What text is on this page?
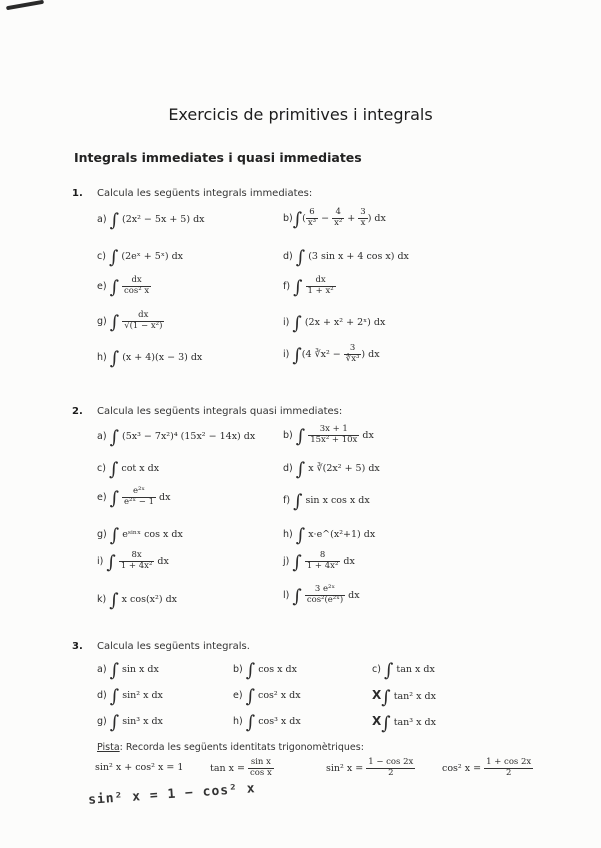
Exercicis de primitives i integrals
Integrals immediates i quasi immediates
1. Calcula les següents integrals immediates:
a) ∫ (2x² − 5x + 5) dx	$b)\int( \frac{6}{\text{x³}} - \frac{4}{\text{x²}} + \frac{3}{x}$ ) dx
c) ∫ (2eˣ + 5ˣ) dx	d) ∫ (3 sin x + 4 cos x) dx
e) ∫ $\frac{dx}{\text{cos² x}}$	f) ∫ $\frac{dx}{\text{1 + x²}}$
g) ∫ $\frac{dx}{\text{√(1 − x²)}}$	i) ∫ (2x + x² + 2ˣ) dx
h) ∫ (x + 4)(x − 3) dx	i) ∫(4 ∛x² − $\frac{3}{\text{∜x³}}$ ) dx
2. Calcula les següents integrals quasi immediates:
a) ∫ (5x³ − 7x²)⁴ (15x² − 14x) dx	b) ∫ $\frac{3x + 1}{\text{15x² + 10x}}$ dx
c) ∫ cot x dx	d) ∫ x ∛(2x² + 5) dx
e) ∫ $\frac{\text{e²ˣ}}{\text{e²ˣ − 1}}$ dx	f) ∫ sin x cos x dx
g) ∫ eˢⁱⁿˣ cos x dx	h) ∫ x·e^(x²+1) dx
i) ∫ $\frac{8x}{\text{1 + 4x²}}$ dx	j) ∫ $\frac{8}{\text{1 + 4x²}}$ dx
k) ∫ x cos(x²) dx	l) ∫ $\frac{\text{3 e²ˣ}}{\text{cos²(e²ˣ)}}$ dx
3. Calcula les següents integrals.
a) ∫ sin x dx	b) ∫ cos x dx	c) ∫ tan x dx
d) ∫ sin² x dx	e) ∫ cos² x dx	X∫ tan² x dx
g) ∫ sin³ x dx	h) ∫ cos³ x dx	X∫ tan³ x dx
Pista: Recorda les següents identitats trigonomètriques:
sin² x + cos² x = 1	$\tan x = \frac{\text{sin x}}{\text{cos x}}$	sin² $x = \frac{1 - \cos 2x}{2}$	cos² $x = \frac{1 + \cos 2x}{2}$
sin² x = 1 − cos² x
